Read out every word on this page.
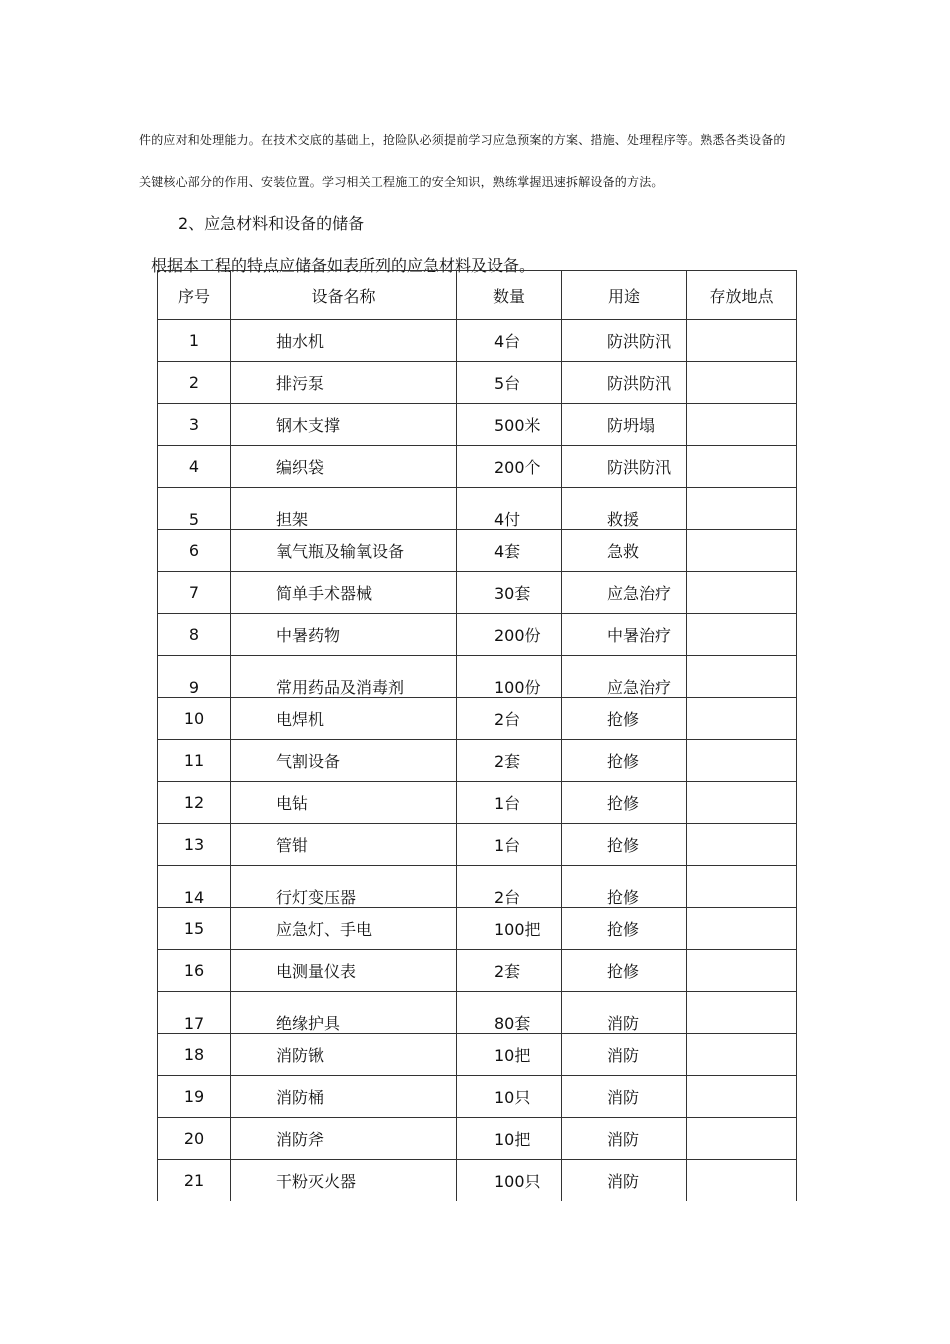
件的应对和处理能力。在技术交底的基础上，抢险队必须提前学习应急预案的方案、措施、处理程序等。熟悉各类设备的
关键核心部分的作用、安装位置。学习相关工程施工的安全知识，熟练掌握迅速拆解设备的方法。
2、应急材料和设备的储备
根据本工程的特点应储备如表所列的应急材料及设备。
序号	设备名称	数量	用途	存放地点
1	抽水机	4台	防洪防汛	
2	排污泵	5台	防洪防汛	
3	钢木支撑	500米	防坍塌	
4	编织袋	200个	防洪防汛	
5	担架	4付	救援	
6	氧气瓶及输氧设备	4套	急救	
7	简单手术器械	30套	应急治疗	
8	中暑药物	200份	中暑治疗	
9	常用药品及消毒剂	100份	应急治疗	
10	电焊机	2台	抢修	
11	气割设备	2套	抢修	
12	电钻	1台	抢修	
13	管钳	1台	抢修	
14	行灯变压器	2台	抢修	
15	应急灯、手电	100把	抢修	
16	电测量仪表	2套	抢修	
17	绝缘护具	80套	消防	
18	消防锹	10把	消防	
19	消防桶	10只	消防	
20	消防斧	10把	消防	
21	干粉灭火器	100只	消防	
